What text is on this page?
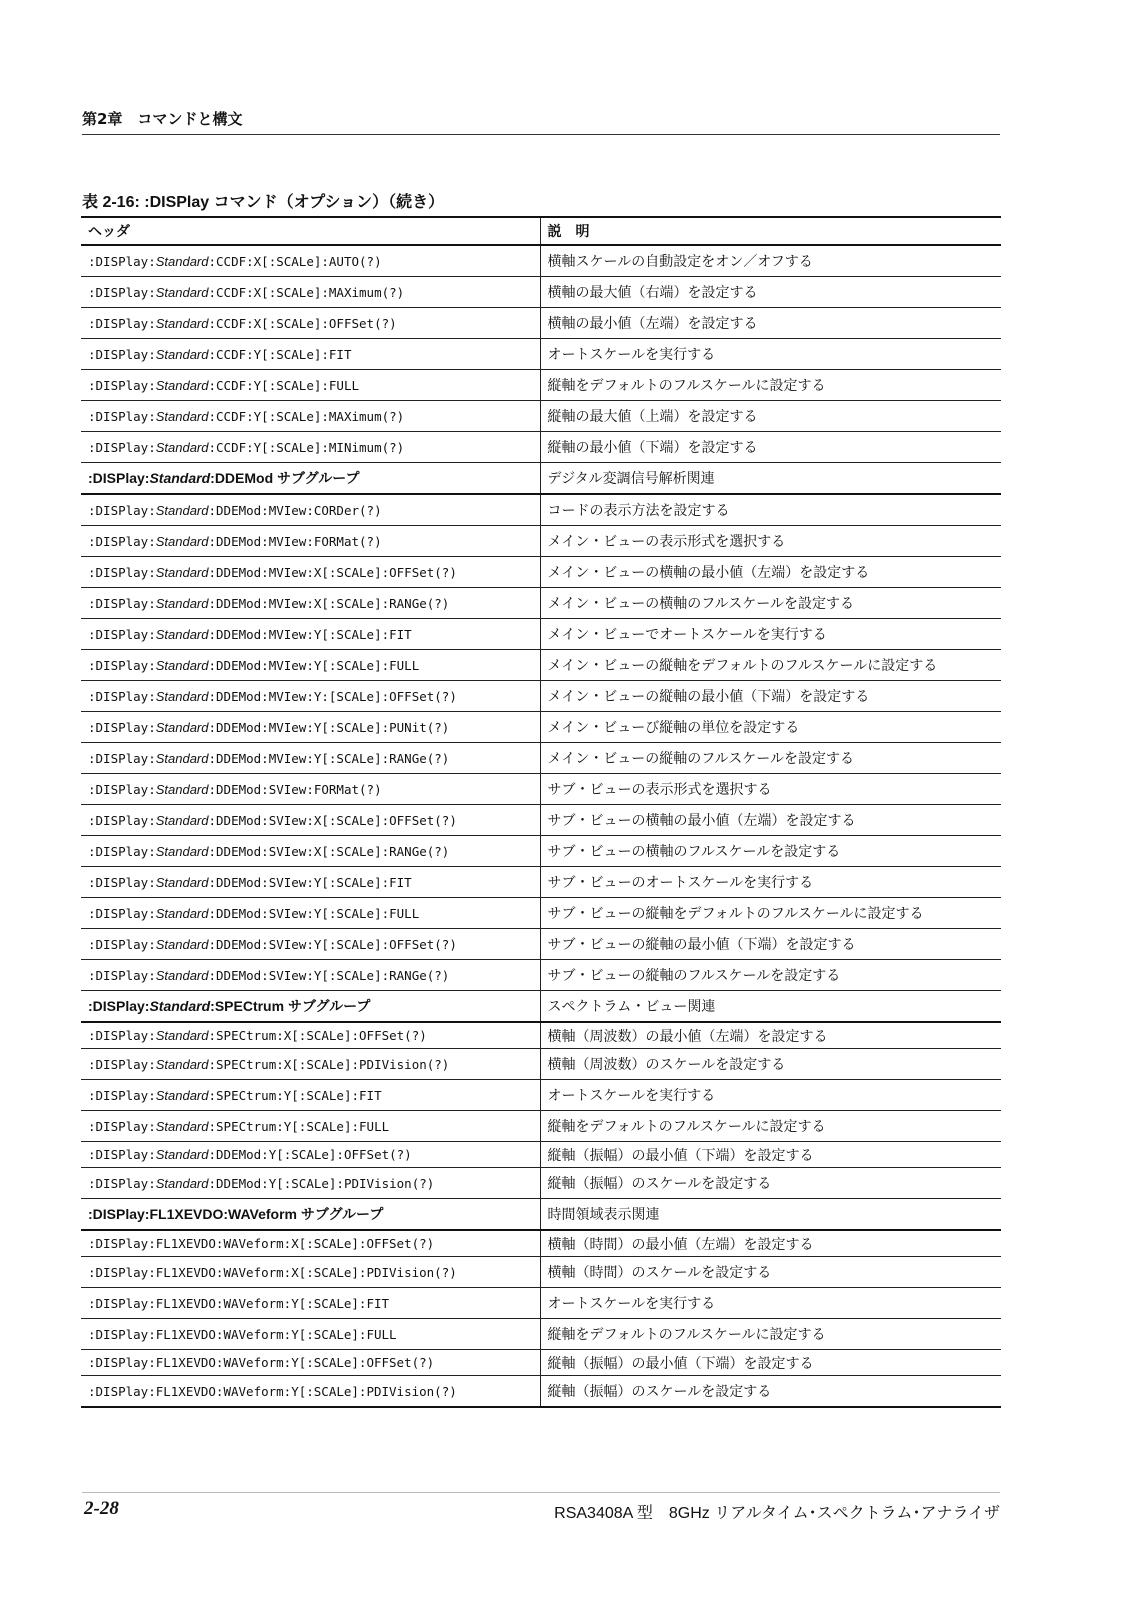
第2章　コマンドと構文
表 2-16: :DISPlay コマンド（オプション）（続き）
ヘッダ	説　明
:DISPlay:Standard:CCDF:X[:SCALe]:AUTO(?)	横軸スケールの自動設定をオン／オフする
:DISPlay:Standard:CCDF:X[:SCALe]:MAXimum(?)	横軸の最大値（右端）を設定する
:DISPlay:Standard:CCDF:X[:SCALe]:OFFSet(?)	横軸の最小値（左端）を設定する
:DISPlay:Standard:CCDF:Y[:SCALe]:FIT	オートスケールを実行する
:DISPlay:Standard:CCDF:Y[:SCALe]:FULL	縦軸をデフォルトのフルスケールに設定する
:DISPlay:Standard:CCDF:Y[:SCALe]:MAXimum(?)	縦軸の最大値（上端）を設定する
:DISPlay:Standard:CCDF:Y[:SCALe]:MINimum(?)	縦軸の最小値（下端）を設定する
:DISPlay:Standard:DDEMod サブグループ	デジタル変調信号解析関連
:DISPlay:Standard:DDEMod:MVIew:CORDer(?)	コードの表示方法を設定する
:DISPlay:Standard:DDEMod:MVIew:FORMat(?)	メイン・ビューの表示形式を選択する
:DISPlay:Standard:DDEMod:MVIew:X[:SCALe]:OFFSet(?)	メイン・ビューの横軸の最小値（左端）を設定する
:DISPlay:Standard:DDEMod:MVIew:X[:SCALe]:RANGe(?)	メイン・ビューの横軸のフルスケールを設定する
:DISPlay:Standard:DDEMod:MVIew:Y[:SCALe]:FIT	メイン・ビューでオートスケールを実行する
:DISPlay:Standard:DDEMod:MVIew:Y[:SCALe]:FULL	メイン・ビューの縦軸をデフォルトのフルスケールに設定する
:DISPlay:Standard:DDEMod:MVIew:Y:[SCALe]:OFFSet(?)	メイン・ビューの縦軸の最小値（下端）を設定する
:DISPlay:Standard:DDEMod:MVIew:Y[:SCALe]:PUNit(?)	メイン・ビューび縦軸の単位を設定する
:DISPlay:Standard:DDEMod:MVIew:Y[:SCALe]:RANGe(?)	メイン・ビューの縦軸のフルスケールを設定する
:DISPlay:Standard:DDEMod:SVIew:FORMat(?)	サブ・ビューの表示形式を選択する
:DISPlay:Standard:DDEMod:SVIew:X[:SCALe]:OFFSet(?)	サブ・ビューの横軸の最小値（左端）を設定する
:DISPlay:Standard:DDEMod:SVIew:X[:SCALe]:RANGe(?)	サブ・ビューの横軸のフルスケールを設定する
:DISPlay:Standard:DDEMod:SVIew:Y[:SCALe]:FIT	サブ・ビューのオートスケールを実行する
:DISPlay:Standard:DDEMod:SVIew:Y[:SCALe]:FULL	サブ・ビューの縦軸をデフォルトのフルスケールに設定する
:DISPlay:Standard:DDEMod:SVIew:Y[:SCALe]:OFFSet(?)	サブ・ビューの縦軸の最小値（下端）を設定する
:DISPlay:Standard:DDEMod:SVIew:Y[:SCALe]:RANGe(?)	サブ・ビューの縦軸のフルスケールを設定する
:DISPlay:Standard:SPECtrum サブグループ	スペクトラム・ビュー関連
:DISPlay:Standard:SPECtrum:X[:SCALe]:OFFSet(?)	横軸（周波数）の最小値（左端）を設定する
:DISPlay:Standard:SPECtrum:X[:SCALe]:PDIVision(?)	横軸（周波数）のスケールを設定する
:DISPlay:Standard:SPECtrum:Y[:SCALe]:FIT	オートスケールを実行する
:DISPlay:Standard:SPECtrum:Y[:SCALe]:FULL	縦軸をデフォルトのフルスケールに設定する
:DISPlay:Standard:DDEMod:Y[:SCALe]:OFFSet(?)	縦軸（振幅）の最小値（下端）を設定する
:DISPlay:Standard:DDEMod:Y[:SCALe]:PDIVision(?)	縦軸（振幅）のスケールを設定する
:DISPlay:FL1XEVDO:WAVeform サブグループ	時間領域表示関連
:DISPlay:FL1XEVDO:WAVeform:X[:SCALe]:OFFSet(?)	横軸（時間）の最小値（左端）を設定する
:DISPlay:FL1XEVDO:WAVeform:X[:SCALe]:PDIVision(?)	横軸（時間）のスケールを設定する
:DISPlay:FL1XEVDO:WAVeform:Y[:SCALe]:FIT	オートスケールを実行する
:DISPlay:FL1XEVDO:WAVeform:Y[:SCALe]:FULL	縦軸をデフォルトのフルスケールに設定する
:DISPlay:FL1XEVDO:WAVeform:Y[:SCALe]:OFFSet(?)	縦軸（振幅）の最小値（下端）を設定する
:DISPlay:FL1XEVDO:WAVeform:Y[:SCALe]:PDIVision(?)	縦軸（振幅）のスケールを設定する
2-28	RSA3408A 型　8GHz リアルタイム･スペクトラム･アナライザ
